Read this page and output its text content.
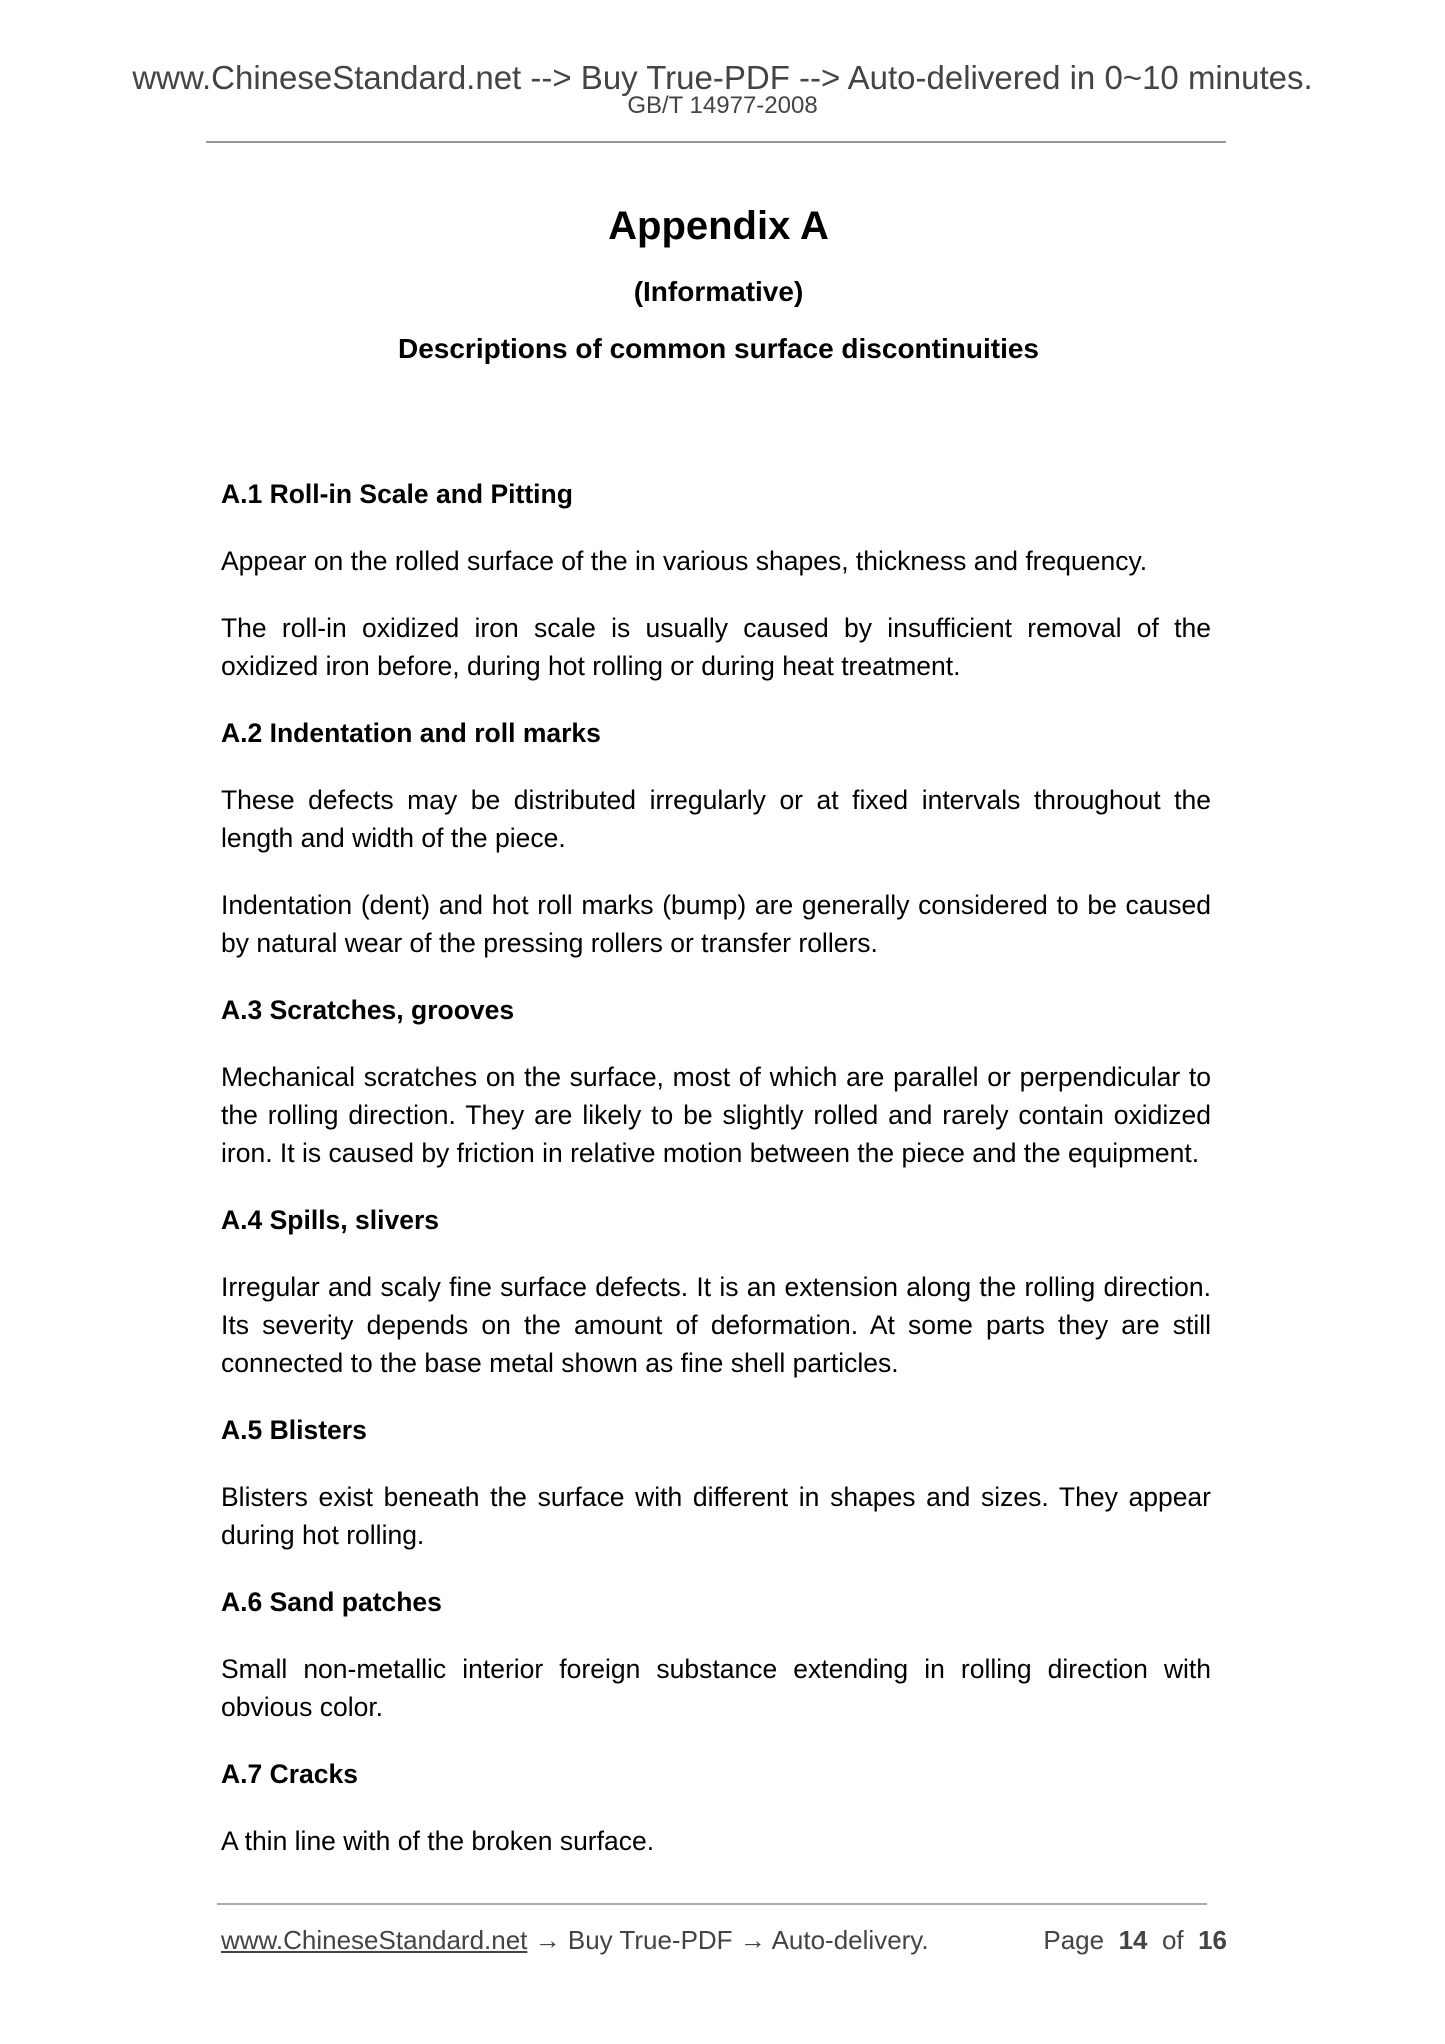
www.ChineseStandard.net --> Buy True-PDF --> Auto-delivered in 0~10 minutes.
GB/T 14977-2008
Appendix A
(Informative)
Descriptions of common surface discontinuities
A.1 Roll-in Scale and Pitting

Appear on the rolled surface of the in various shapes, thickness and frequency.

The roll-in oxidized iron scale is usually caused by insufficient removal of the oxidized iron before, during hot rolling or during heat treatment.

A.2 Indentation and roll marks

These defects may be distributed irregularly or at fixed intervals throughout the length and width of the piece.

Indentation (dent) and hot roll marks (bump) are generally considered to be caused by natural wear of the pressing rollers or transfer rollers.

A.3 Scratches, grooves

Mechanical scratches on the surface, most of which are parallel or perpendicular to the rolling direction. They are likely to be slightly rolled and rarely contain oxidized iron. It is caused by friction in relative motion between the piece and the equipment.

A.4 Spills, slivers

Irregular and scaly fine surface defects. It is an extension along the rolling direction. Its severity depends on the amount of deformation. At some parts they are still connected to the base metal shown as fine shell particles.

A.5 Blisters

Blisters exist beneath the surface with different in shapes and sizes. They appear during hot rolling.

A.6 Sand patches

Small non-metallic interior foreign substance extending in rolling direction with obvious color.

A.7 Cracks

A thin line with of the broken surface.

www.ChineseStandard.net → Buy True-PDF → Auto-delivery.	Page 14 of 16
